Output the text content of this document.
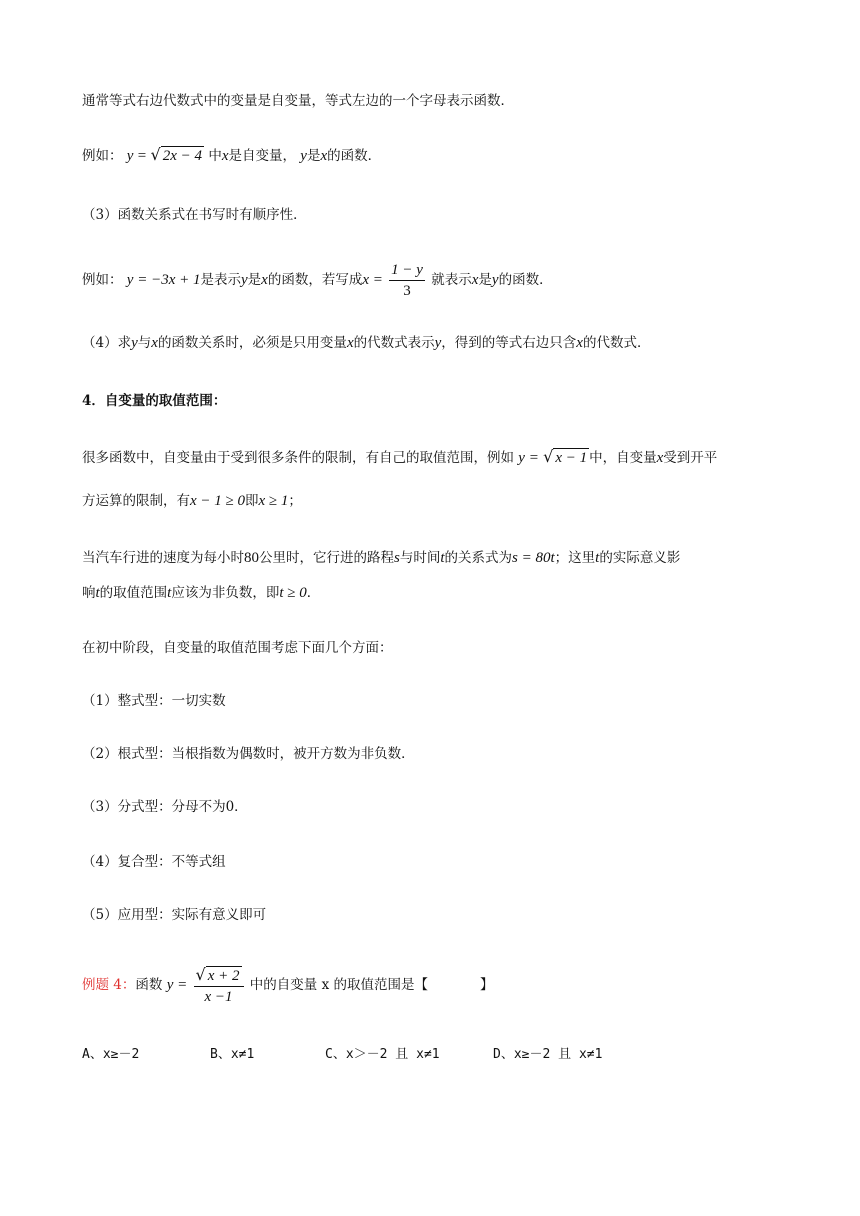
通常等式右边代数式中的变量是自变量，等式左边的一个字母表示函数．
例如： y = √ 2x − 4 中x是自变量， y是x的函数．
（3）函数关系式在书写时有顺序性．
例如： y = −3x + 1是表示y是x的函数，若写成$x = \frac{1 - y}{3}$ 就表示x是y的函数．
（4）求y与x的函数关系时，必须是只用变量x的代数式表示y，得到的等式右边只含x的代数式．
4．自变量的取值范围：
很多函数中，自变量由于受到很多条件的限制，有自己的取值范围，例如 y = √ x − 1 中，自变量x受到开平
方运算的限制，有x − 1 ≥ 0即x ≥ 1；
当汽车行进的速度为每小时80公里时，它行进的路程s与时间t的关系式为s = 80t；这里t的实际意义影
响t的取值范围t应该为非负数，即t ≥ 0．
在初中阶段，自变量的取值范围考虑下面几个方面：
（1）整式型：一切实数
（2）根式型：当根指数为偶数时，被开方数为非负数．
（3）分式型：分母不为0．
（4）复合型：不等式组
（5）应用型：实际有意义即可
例题 4：函数 $y = \frac{√ x + 2}{x -1}$ 中的自变量 x 的取值范围是【	】
A、x≥－2	B、x≠1	C、x＞－2 且 x≠1	D、x≥－2 且 x≠1
